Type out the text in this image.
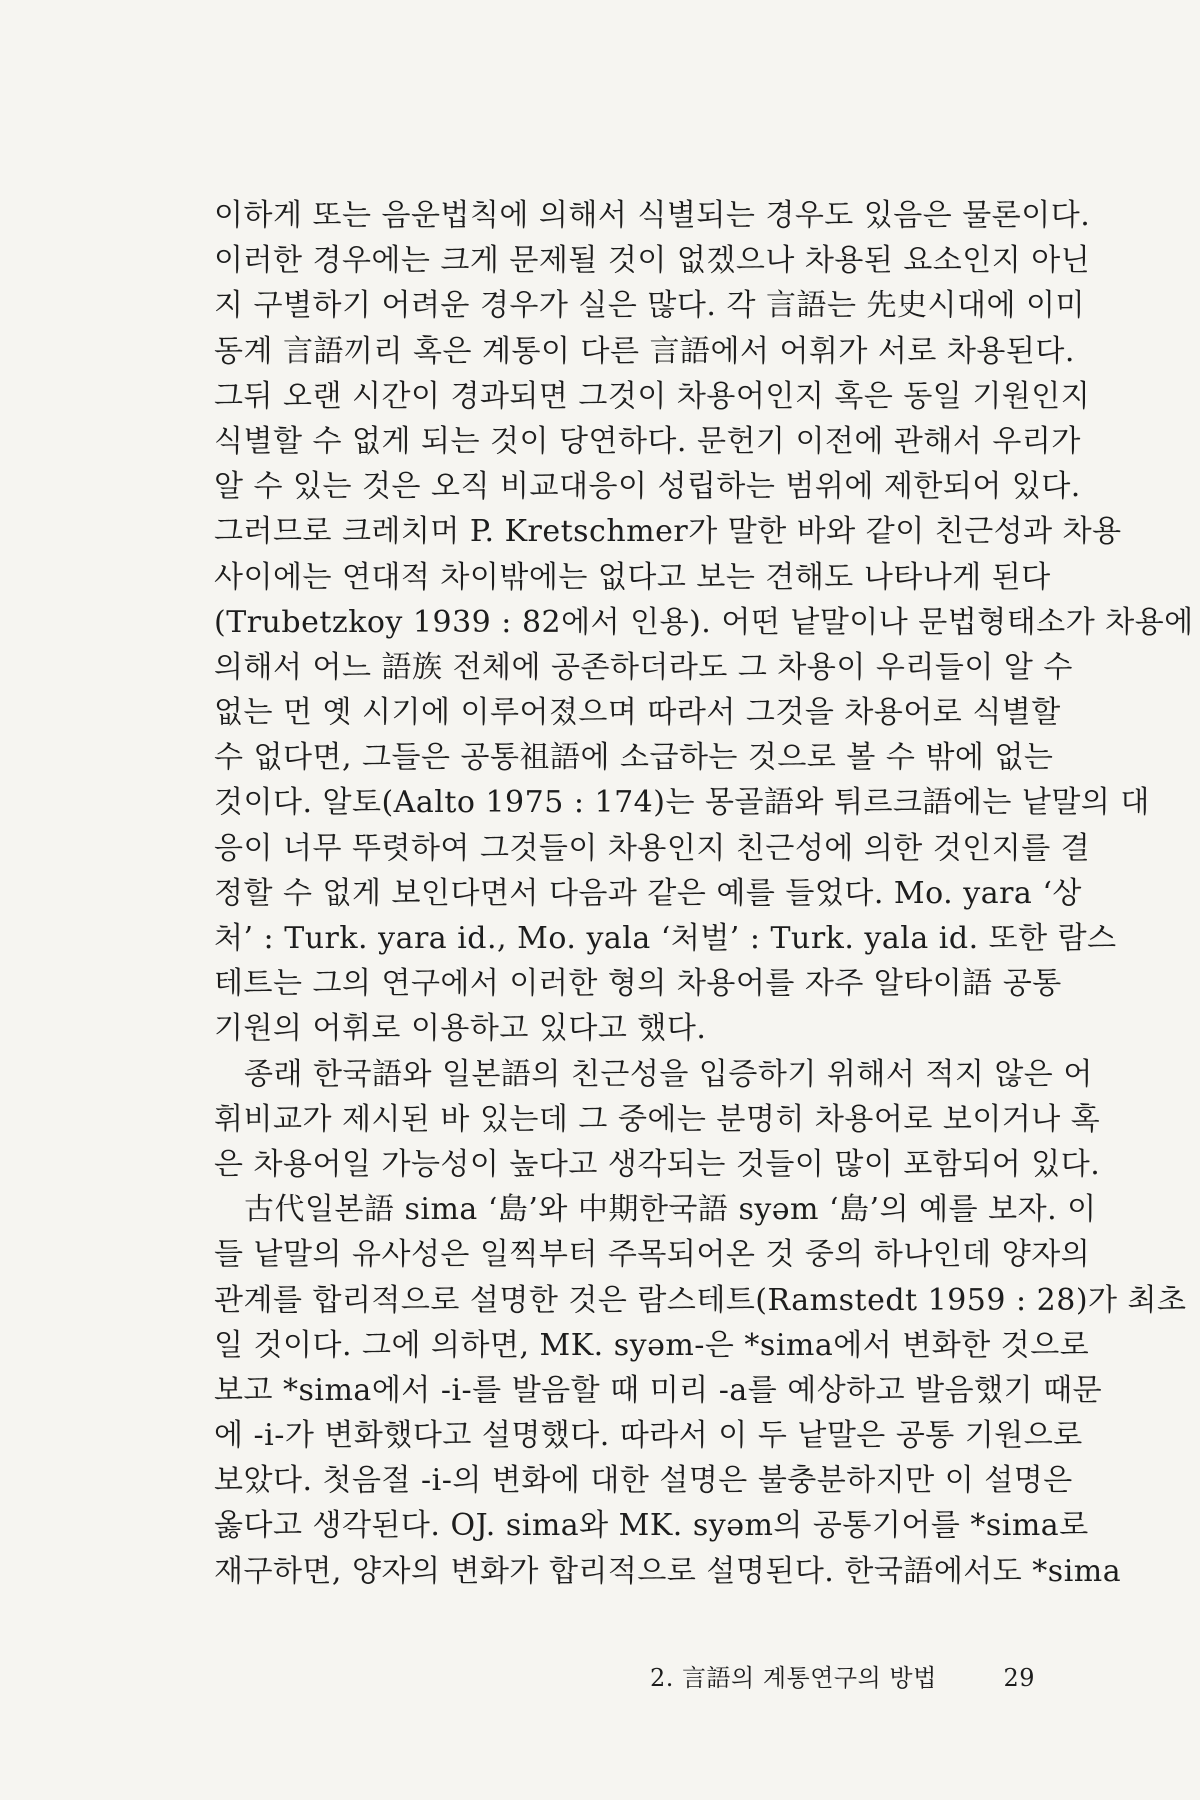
이하게 또는 음운법칙에 의해서 식별되는 경우도 있음은 물론이다.
이러한 경우에는 크게 문제될 것이 없겠으나 차용된 요소인지 아닌
지 구별하기 어려운 경우가 실은 많다. 각 言語는 先史시대에 이미
동계 言語끼리 혹은 계통이 다른 言語에서 어휘가 서로 차용된다.
그뒤 오랜 시간이 경과되면 그것이 차용어인지 혹은 동일 기원인지
식별할 수 없게 되는 것이 당연하다. 문헌기 이전에 관해서 우리가
알 수 있는 것은 오직 비교대응이 성립하는 범위에 제한되어 있다.
그러므로 크레치머 P. Kretschmer가 말한 바와 같이 친근성과 차용
사이에는 연대적 차이밖에는 없다고 보는 견해도 나타나게 된다
(Trubetzkoy 1939 : 82에서 인용). 어떤 낱말이나 문법형태소가 차용에
의해서 어느 語族 전체에 공존하더라도 그 차용이 우리들이 알 수
없는 먼 옛 시기에 이루어졌으며 따라서 그것을 차용어로 식별할
수 없다면, 그들은 공통祖語에 소급하는 것으로 볼 수 밖에 없는
것이다. 알토(Aalto 1975 : 174)는 몽골語와 튀르크語에는 낱말의 대
응이 너무 뚜렷하여 그것들이 차용인지 친근성에 의한 것인지를 결
정할 수 없게 보인다면서 다음과 같은 예를 들었다. Mo. yara ‘상
처’ : Turk. yara id., Mo. yala ‘처벌’ : Turk. yala id. 또한 람스
테트는 그의 연구에서 이러한 형의 차용어를 자주 알타이語 공통
기원의 어휘로 이용하고 있다고 했다.
종래 한국語와 일본語의 친근성을 입증하기 위해서 적지 않은 어
휘비교가 제시된 바 있는데 그 중에는 분명히 차용어로 보이거나 혹
은 차용어일 가능성이 높다고 생각되는 것들이 많이 포함되어 있다.
古代일본語 sima ‘島’와 中期한국語 syəm ‘島’의 예를 보자. 이
들 낱말의 유사성은 일찍부터 주목되어온 것 중의 하나인데 양자의
관계를 합리적으로 설명한 것은 람스테트(Ramstedt 1959 : 28)가 최초
일 것이다. 그에 의하면, MK. syəm-은 *sima에서 변화한 것으로
보고 *sima에서 -i-를 발음할 때 미리 -a를 예상하고 발음했기 때문
에 -i-가 변화했다고 설명했다. 따라서 이 두 낱말은 공통 기원으로
보았다. 첫음절 -i-의 변화에 대한 설명은 불충분하지만 이 설명은
옳다고 생각된다. OJ. sima와 MK. syəm의 공통기어를 *sima로
재구하면, 양자의 변화가 합리적으로 설명된다. 한국語에서도 *sima
2. 言語의 계통연구의 방법	29
